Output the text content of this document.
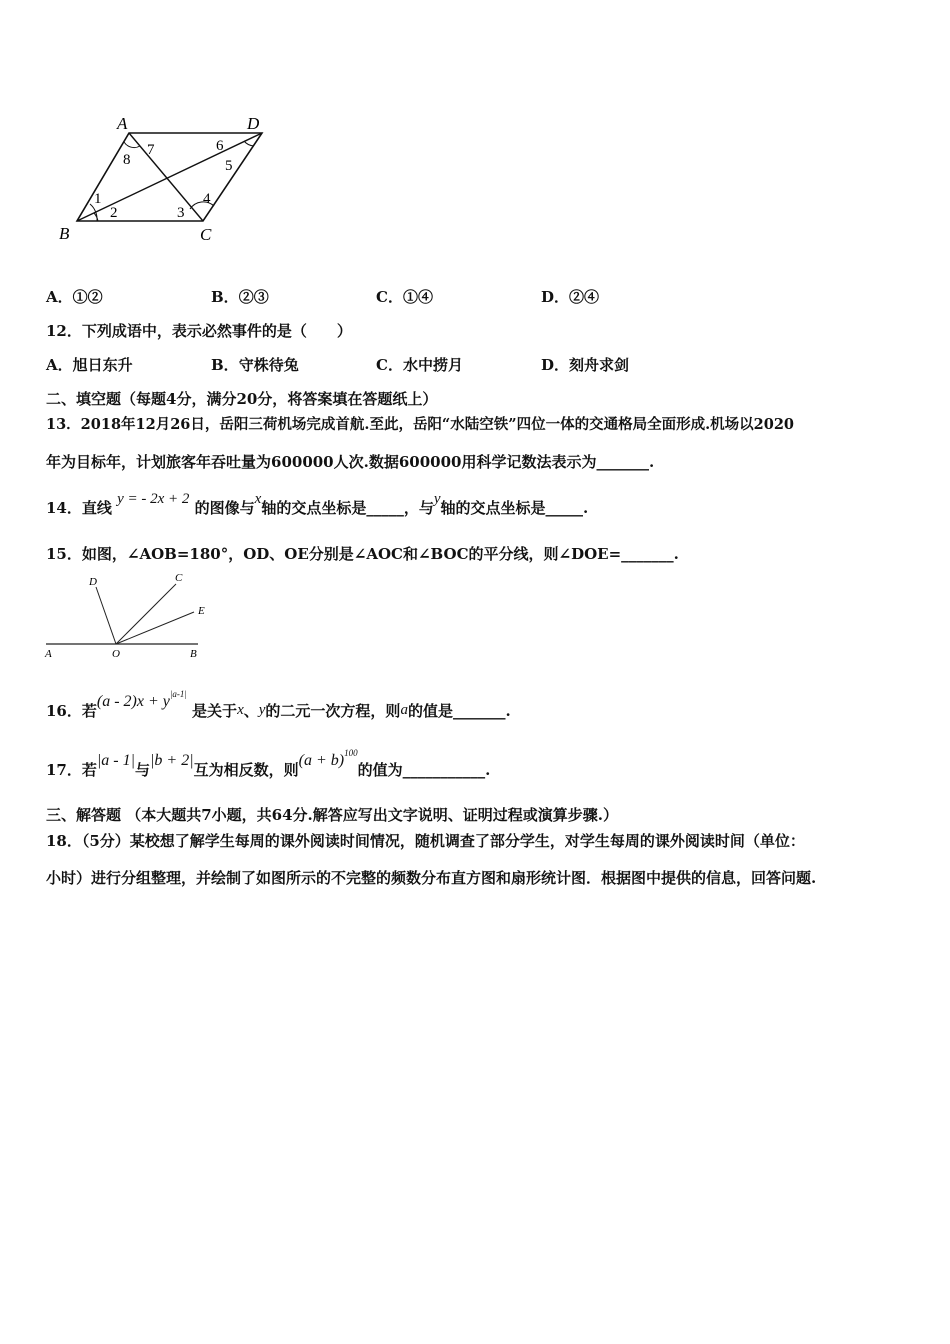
A	D
B	C
1
2	3
4
5
6
7
8
A．①②	B．②③	C．①④	D．②④
12．下列成语中，表示必然事件的是（　　）
A．旭日东升	B．守株待兔	C．水中捞月	D．刻舟求剑
二、填空题（每题4分，满分20分，将答案填在答题纸上）
13．2018年12月26日，岳阳三荷机场完成首航.至此，岳阳“水陆空铁”四位一体的交通格局全面形成.机场以2020
年为目标年，计划旅客年吞吐量为600000人次.数据600000用科学记数法表示为_______.
14．直线 y = - 2x + 2 的图像与x轴的交点坐标是_____，与y轴的交点坐标是_____.
15．如图，∠AOB=180°，OD、OE分别是∠AOC和∠BOC的平分线，则∠DOE=_______.
D	C
E
A	O	B
16．若$(a - 2)x + y^{|a-1|}$ 是关于x、y的二元一次方程，则a的值是_______.
17．若|a - 1|与|b + 2|互为相反数，则$(a + b)^{100}$的值为___________.
三、解答题 （本大题共7小题，共64分.解答应写出文字说明、证明过程或演算步骤.）
18．（5分）某校想了解学生每周的课外阅读时间情况，随机调查了部分学生，对学生每周的课外阅读时间（单位：
小时）进行分组整理，并绘制了如图所示的不完整的频数分布直方图和扇形统计图．根据图中提供的信息，回答问题.
